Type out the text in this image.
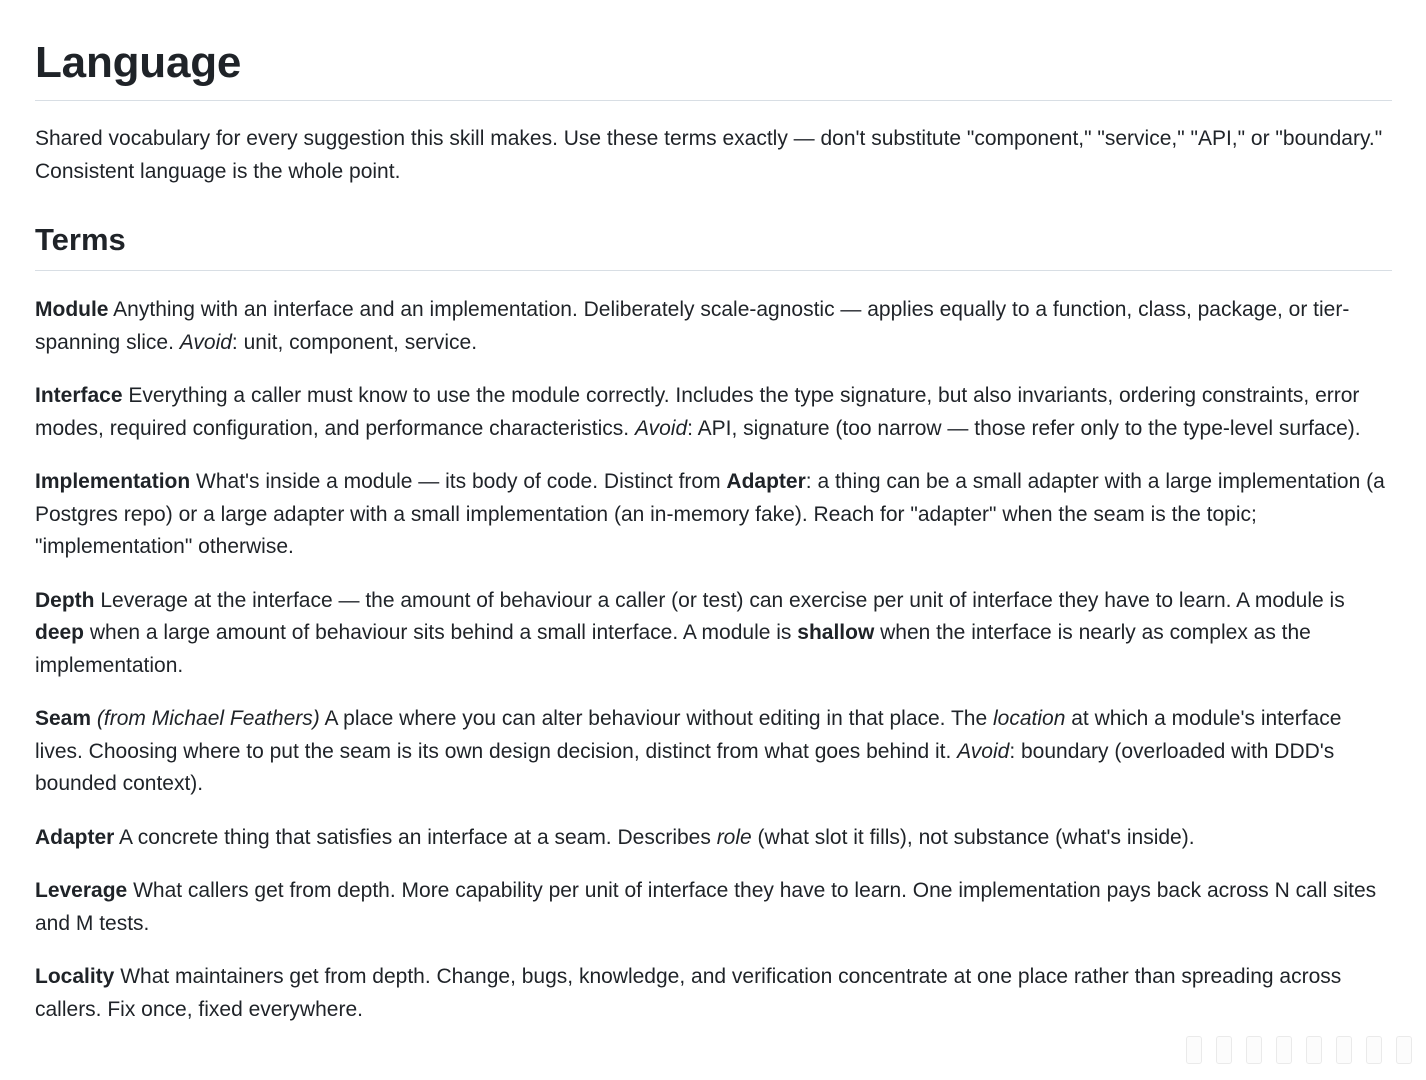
Language

Shared vocabulary for every suggestion this skill makes. Use these terms exactly — don't substitute "component," "service," "API," or "boundary." Consistent language is the whole point.

Terms

Module Anything with an interface and an implementation. Deliberately scale-agnostic — applies equally to a function, class, package, or tier-spanning slice. Avoid: unit, component, service.

Interface Everything a caller must know to use the module correctly. Includes the type signature, but also invariants, ordering constraints, error modes, required configuration, and performance characteristics. Avoid: API, signature (too narrow — those refer only to the type-level surface).

Implementation What's inside a module — its body of code. Distinct from Adapter: a thing can be a small adapter with a large implementation (a Postgres repo) or a large adapter with a small implementation (an in-memory fake). Reach for "adapter" when the seam is the topic; "implementation" otherwise.

Depth Leverage at the interface — the amount of behaviour a caller (or test) can exercise per unit of interface they have to learn. A module is deep when a large amount of behaviour sits behind a small interface. A module is shallow when the interface is nearly as complex as the implementation.

Seam (from Michael Feathers) A place where you can alter behaviour without editing in that place. The location at which a module's interface lives. Choosing where to put the seam is its own design decision, distinct from what goes behind it. Avoid: boundary (overloaded with DDD's bounded context).

Adapter A concrete thing that satisfies an interface at a seam. Describes role (what slot it fills), not substance (what's inside).

Leverage What callers get from depth. More capability per unit of interface they have to learn. One implementation pays back across N call sites and M tests.

Locality What maintainers get from depth. Change, bugs, knowledge, and verification concentrate at one place rather than spreading across callers. Fix once, fixed everywhere.
